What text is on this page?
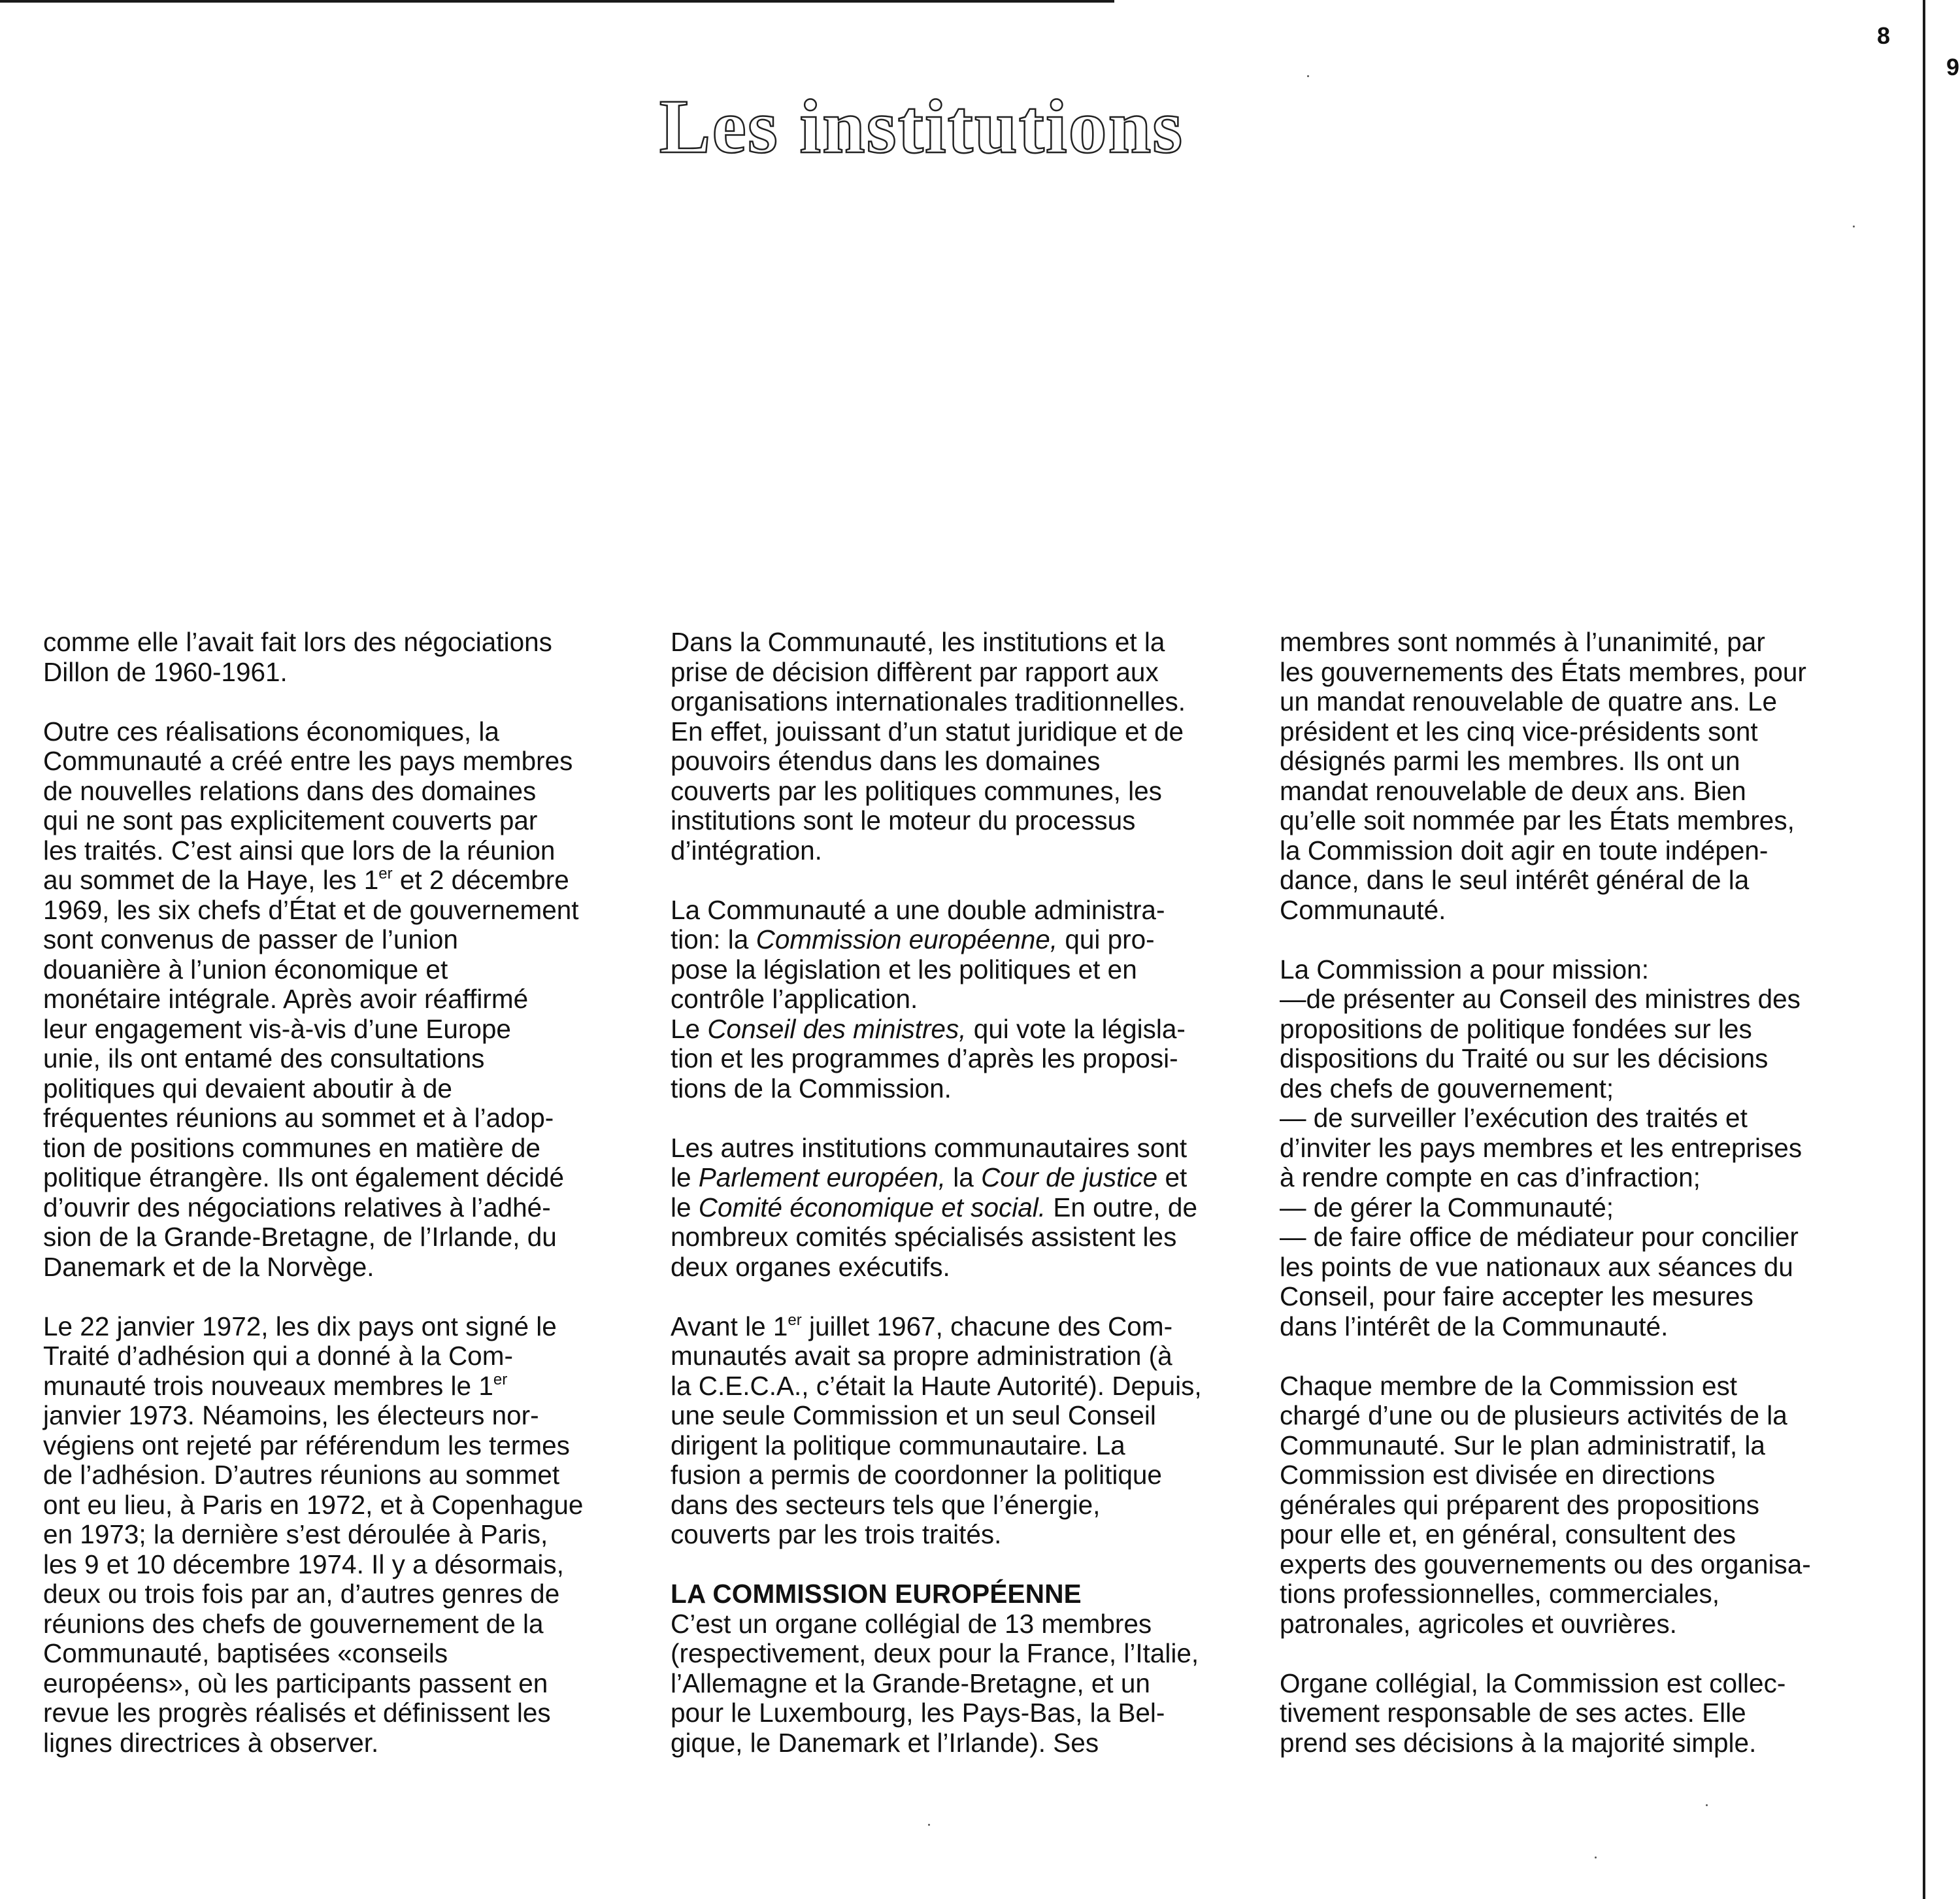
8
9
Les institutions
comme elle l’avait fait lors des négociations
Dillon de 1960-1961.
Outre ces réalisations économiques, la
Communauté a créé entre les pays membres
de nouvelles relations dans des domaines
qui ne sont pas explicitement couverts par
les traités. C’est ainsi que lors de la réunion
au sommet de la Haye, les 1er et 2 décembre
1969, les six chefs d’État et de gouvernement
sont convenus de passer de l’union
douanière à l’union économique et
monétaire intégrale. Après avoir réaffirmé
leur engagement vis-à-vis d’une Europe
unie, ils ont entamé des consultations
politiques qui devaient aboutir à de
fréquentes réunions au sommet et à l’adop-
tion de positions communes en matière de
politique étrangère. Ils ont également décidé
d’ouvrir des négociations relatives à l’adhé-
sion de la Grande-Bretagne, de l’Irlande, du
Danemark et de la Norvège.
Le 22 janvier 1972, les dix pays ont signé le
Traité d’adhésion qui a donné à la Com-
munauté trois nouveaux membres le 1er
janvier 1973. Néamoins, les électeurs nor-
végiens ont rejeté par référendum les termes
de l’adhésion. D’autres réunions au sommet
ont eu lieu, à Paris en 1972, et à Copenhague
en 1973; la dernière s’est déroulée à Paris,
les 9 et 10 décembre 1974. Il y a désormais,
deux ou trois fois par an, d’autres genres de
réunions des chefs de gouvernement de la
Communauté, baptisées «conseils
européens», où les participants passent en
revue les progrès réalisés et définissent les
lignes directrices à observer.
Dans la Communauté, les institutions et la
prise de décision diffèrent par rapport aux
organisations internationales traditionnelles.
En effet, jouissant d’un statut juridique et de
pouvoirs étendus dans les domaines
couverts par les politiques communes, les
institutions sont le moteur du processus
d’intégration.
La Communauté a une double administra-
tion: la Commission européenne, qui pro-
pose la législation et les politiques et en
contrôle l’application.
Le Conseil des ministres, qui vote la législa-
tion et les programmes d’après les proposi-
tions de la Commission.
Les autres institutions communautaires sont
le Parlement européen, la Cour de justice et
le Comité économique et social. En outre, de
nombreux comités spécialisés assistent les
deux organes exécutifs.
Avant le 1er juillet 1967, chacune des Com-
munautés avait sa propre administration (à
la C.E.C.A., c’était la Haute Autorité). Depuis,
une seule Commission et un seul Conseil
dirigent la politique communautaire. La
fusion a permis de coordonner la politique
dans des secteurs tels que l’énergie,
couverts par les trois traités.
LA COMMISSION EUROPÉENNE
C’est un organe collégial de 13 membres
(respectivement, deux pour la France, l’Italie,
l’Allemagne et la Grande-Bretagne, et un
pour le Luxembourg, les Pays-Bas, la Bel-
gique, le Danemark et l’Irlande). Ses
membres sont nommés à l’unanimité, par
les gouvernements des États membres, pour
un mandat renouvelable de quatre ans. Le
président et les cinq vice-présidents sont
désignés parmi les membres. Ils ont un
mandat renouvelable de deux ans. Bien
qu’elle soit nommée par les États membres,
la Commission doit agir en toute indépen-
dance, dans le seul intérêt général de la
Communauté.
La Commission a pour mission:
—de présenter au Conseil des ministres des
propositions de politique fondées sur les
dispositions du Traité ou sur les décisions
des chefs de gouvernement;
— de surveiller l’exécution des traités et
d’inviter les pays membres et les entreprises
à rendre compte en cas d’infraction;
— de gérer la Communauté;
— de faire office de médiateur pour concilier
les points de vue nationaux aux séances du
Conseil, pour faire accepter les mesures
dans l’intérêt de la Communauté.
Chaque membre de la Commission est
chargé d’une ou de plusieurs activités de la
Communauté. Sur le plan administratif, la
Commission est divisée en directions
générales qui préparent des propositions
pour elle et, en général, consultent des
experts des gouvernements ou des organisa-
tions professionnelles, commerciales,
patronales, agricoles et ouvrières.
Organe collégial, la Commission est collec-
tivement responsable de ses actes. Elle
prend ses décisions à la majorité simple.
